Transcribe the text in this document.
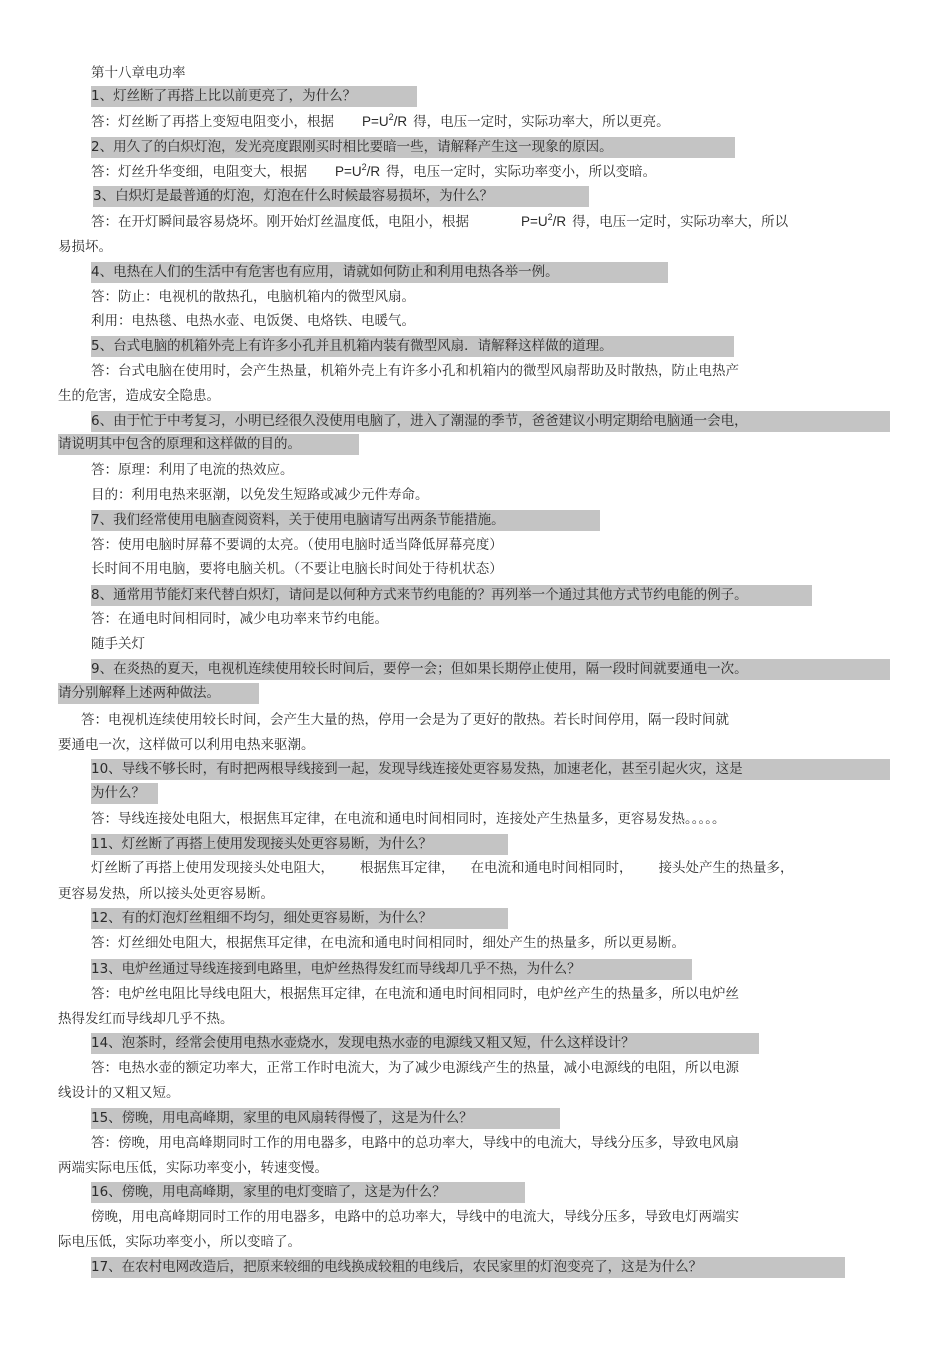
第十八章电功率
1、灯丝断了再搭上比以前更亮了，为什么？
答：灯丝断了再搭上变短电阻变小，根据 $P=U^2/R$ 得，电压一定时，实际功率大，所以更亮。
2、用久了的白炽灯泡，发光亮度跟刚买时相比要暗一些，请解释产生这一现象的原因。
答：灯丝升华变细，电阻变大，根据 $P=U^2/R$ 得，电压一定时，实际功率变小，所以变暗。
3、白炽灯是最普通的灯泡，灯泡在什么时候最容易损坏，为什么？
答：在开灯瞬间最容易烧坏。刚开始灯丝温度低，电阻小，根据	$P=U^2/R$ 得，电压一定时，实际功率大，所以
易损坏。
4、电热在人们的生活中有危害也有应用，请就如何防止和利用电热各举一例。
答：防止：电视机的散热孔，电脑机箱内的微型风扇。
利用：电热毯、电热水壶、电饭煲、电烙铁、电暖气。
5、台式电脑的机箱外壳上有许多小孔并且机箱内装有微型风扇．请解释这样做的道理。
答：台式电脑在使用时，会产生热量，机箱外壳上有许多小孔和机箱内的微型风扇帮助及时散热，防止电热产
生的危害，造成安全隐患。
6、由于忙于中考复习，小明已经很久没使用电脑了，进入了潮湿的季节，爸爸建议小明定期给电脑通一会电，
请说明其中包含的原理和这样做的目的。
答：原理：利用了电流的热效应。
目的：利用电热来驱潮，以免发生短路或减少元件寿命。
7、我们经常使用电脑查阅资料，关于使用电脑请写出两条节能措施。
答：使用电脑时屏幕不要调的太亮。（使用电脑时适当降低屏幕亮度）
长时间不用电脑，要将电脑关机。（不要让电脑长时间处于待机状态）
8、通常用节能灯来代替白炽灯，请问是以何种方式来节约电能的？再列举一个通过其他方式节约电能的例子。
答：在通电时间相同时，减少电功率来节约电能。
随手关灯
9、在炎热的夏天，电视机连续使用较长时间后，要停一会；但如果长期停止使用，隔一段时间就要通电一次。
请分别解释上述两种做法。
答：电视机连续使用较长时间，会产生大量的热，停用一会是为了更好的散热。若长时间停用，隔一段时间就
要通电一次，这样做可以利用电热来驱潮。
10、导线不够长时，有时把两根导线接到一起，发现导线连接处更容易发热，加速老化，甚至引起火灾，这是
为什么？
答：导线连接处电阻大，根据焦耳定律，在电流和通电时间相同时，连接处产生热量多，更容易发热。。。。。
11、灯丝断了再搭上使用发现接头处更容易断，为什么？
灯丝断了再搭上使用发现接头处电阻大， 根据焦耳定律， 在电流和通电时间相同时， 接头处产生的热量多，
更容易发热，所以接头处更容易断。
12、有的灯泡灯丝粗细不均匀，细处更容易断，为什么？
答：灯丝细处电阻大，根据焦耳定律，在电流和通电时间相同时，细处产生的热量多，所以更易断。
13、电炉丝通过导线连接到电路里，电炉丝热得发红而导线却几乎不热，为什么？
答：电炉丝电阻比导线电阻大，根据焦耳定律，在电流和通电时间相同时，电炉丝产生的热量多，所以电炉丝
热得发红而导线却几乎不热。
14、泡茶时，经常会使用电热水壶烧水，发现电热水壶的电源线又粗又短，什么这样设计？
答：电热水壶的额定功率大，正常工作时电流大，为了减少电源线产生的热量，减小电源线的电阻，所以电源
线设计的又粗又短。
15、傍晚，用电高峰期，家里的电风扇转得慢了，这是为什么？
答：傍晚，用电高峰期同时工作的用电器多，电路中的总功率大，导线中的电流大，导线分压多，导致电风扇
两端实际电压低，实际功率变小，转速变慢。
16、傍晚，用电高峰期，家里的电灯变暗了，这是为什么？
傍晚，用电高峰期同时工作的用电器多，电路中的总功率大，导线中的电流大，导线分压多，导致电灯两端实
际电压低，实际功率变小，所以变暗了。
17、在农村电网改造后，把原来较细的电线换成较粗的电线后，农民家里的灯泡变亮了，这是为什么？
